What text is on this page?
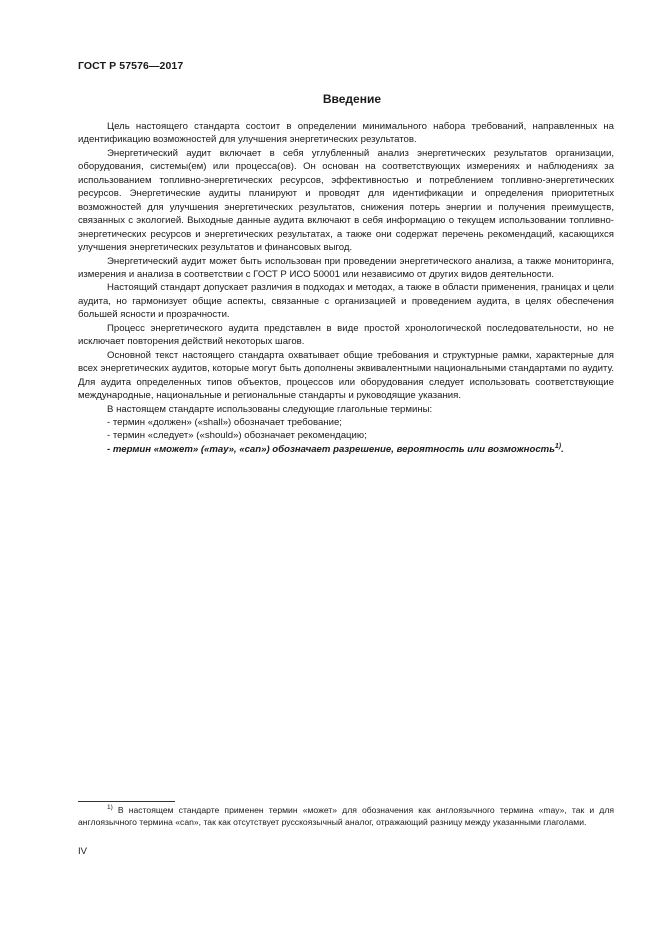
ГОСТ Р 57576—2017
Введение

Цель настоящего стандарта состоит в определении минимального набора требований, направленных на идентификацию возможностей для улучшения энергетических результатов.

Энергетический аудит включает в себя углубленный анализ энергетических результатов организации, оборудования, системы(ем) или процесса(ов). Он основан на соответствующих измерениях и наблюдениях за использованием топливно-энергетических ресурсов, эффективностью и потреблением топливно-энергетических ресурсов. Энергетические аудиты планируют и проводят для идентификации и определения приоритетных возможностей для улучшения энергетических результатов, снижения потерь энергии и получения преимуществ, связанных с экологией. Выходные данные аудита включают в себя информацию о текущем использовании топливно-энергетических ресурсов и энергетических результатах, а также они содержат перечень рекомендаций, касающихся улучшения энергетических результатов и финансовых выгод.

Энергетический аудит может быть использован при проведении энергетического анализа, а также мониторинга, измерения и анализа в соответствии с ГОСТ Р ИСО 50001 или независимо от других видов деятельности.

Настоящий стандарт допускает различия в подходах и методах, а также в области применения, границах и цели аудита, но гармонизует общие аспекты, связанные с организацией и проведением аудита, в целях обеспечения большей ясности и прозрачности.

Процесс энергетического аудита представлен в виде простой хронологической последовательности, но не исключает повторения действий некоторых шагов.

Основной текст настоящего стандарта охватывает общие требования и структурные рамки, характерные для всех энергетических аудитов, которые могут быть дополнены эквивалентными национальными стандартами по аудиту. Для аудита определенных типов объектов, процессов или оборудования следует использовать соответствующие международные, национальные и региональные стандарты и руководящие указания.

В настоящем стандарте использованы следующие глагольные термины:

- термин «должен» («shall») обозначает требование;

- термин «следует» («should») обозначает рекомендацию;

- термин «может» («may», «can») обозначает разрешение, вероятность или возможность$^{1)}$.

$^{1)}$ В настоящем стандарте применен термин «может» для обозначения как англоязычного термина «may», так и для англоязычного термина «can», так как отсутствует русскоязычный аналог, отражающий разницу между указанными глаголами.

IV
